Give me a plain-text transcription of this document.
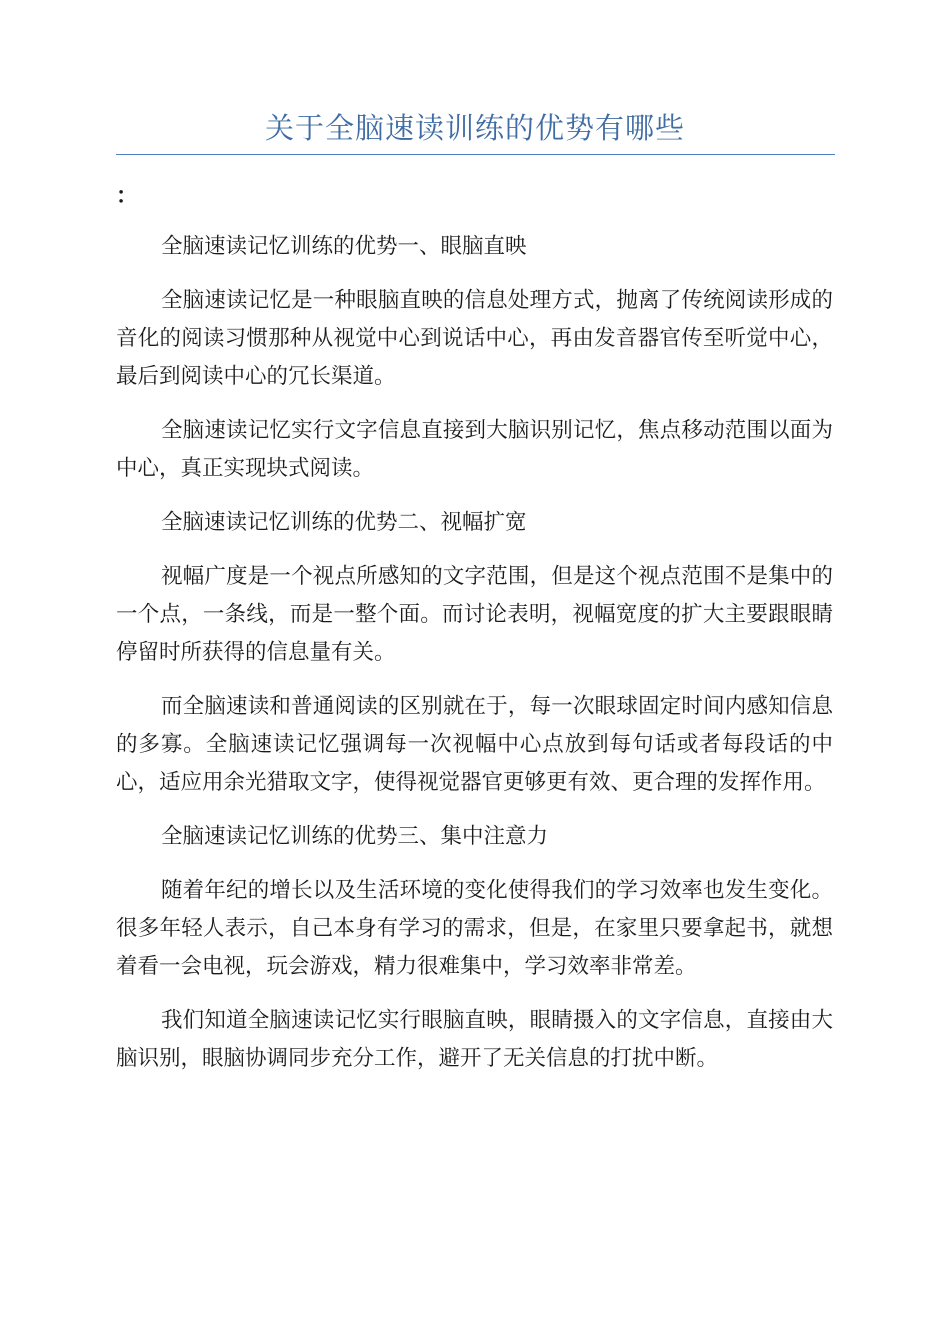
关于全脑速读训练的优势有哪些
：

全脑速读记忆训练的优势一、眼脑直映

全脑速读记忆是一种眼脑直映的信息处理方式，抛离了传统阅读形成的音化的阅读习惯那种从视觉中心到说话中心，再由发音器官传至听觉中心，最后到阅读中心的冗长渠道。

全脑速读记忆实行文字信息直接到大脑识别记忆，焦点移动范围以面为中心，真正实现块式阅读。

全脑速读记忆训练的优势二、视幅扩宽

视幅广度是一个视点所感知的文字范围，但是这个视点范围不是集中的一个点，一条线，而是一整个面。而讨论表明，视幅宽度的扩大主要跟眼睛停留时所获得的信息量有关。

而全脑速读和普通阅读的区别就在于，每一次眼球固定时间内感知信息的多寡。全脑速读记忆强调每一次视幅中心点放到每句话或者每段话的中心，适应用余光猎取文字，使得视觉器官更够更有效、更合理的发挥作用。

全脑速读记忆训练的优势三、集中注意力

随着年纪的增长以及生活环境的变化使得我们的学习效率也发生变化。很多年轻人表示，自己本身有学习的需求，但是，在家里只要拿起书，就想着看一会电视，玩会游戏，精力很难集中，学习效率非常差。

我们知道全脑速读记忆实行眼脑直映，眼睛摄入的文字信息，直接由大脑识别，眼脑协调同步充分工作，避开了无关信息的打扰中断。
